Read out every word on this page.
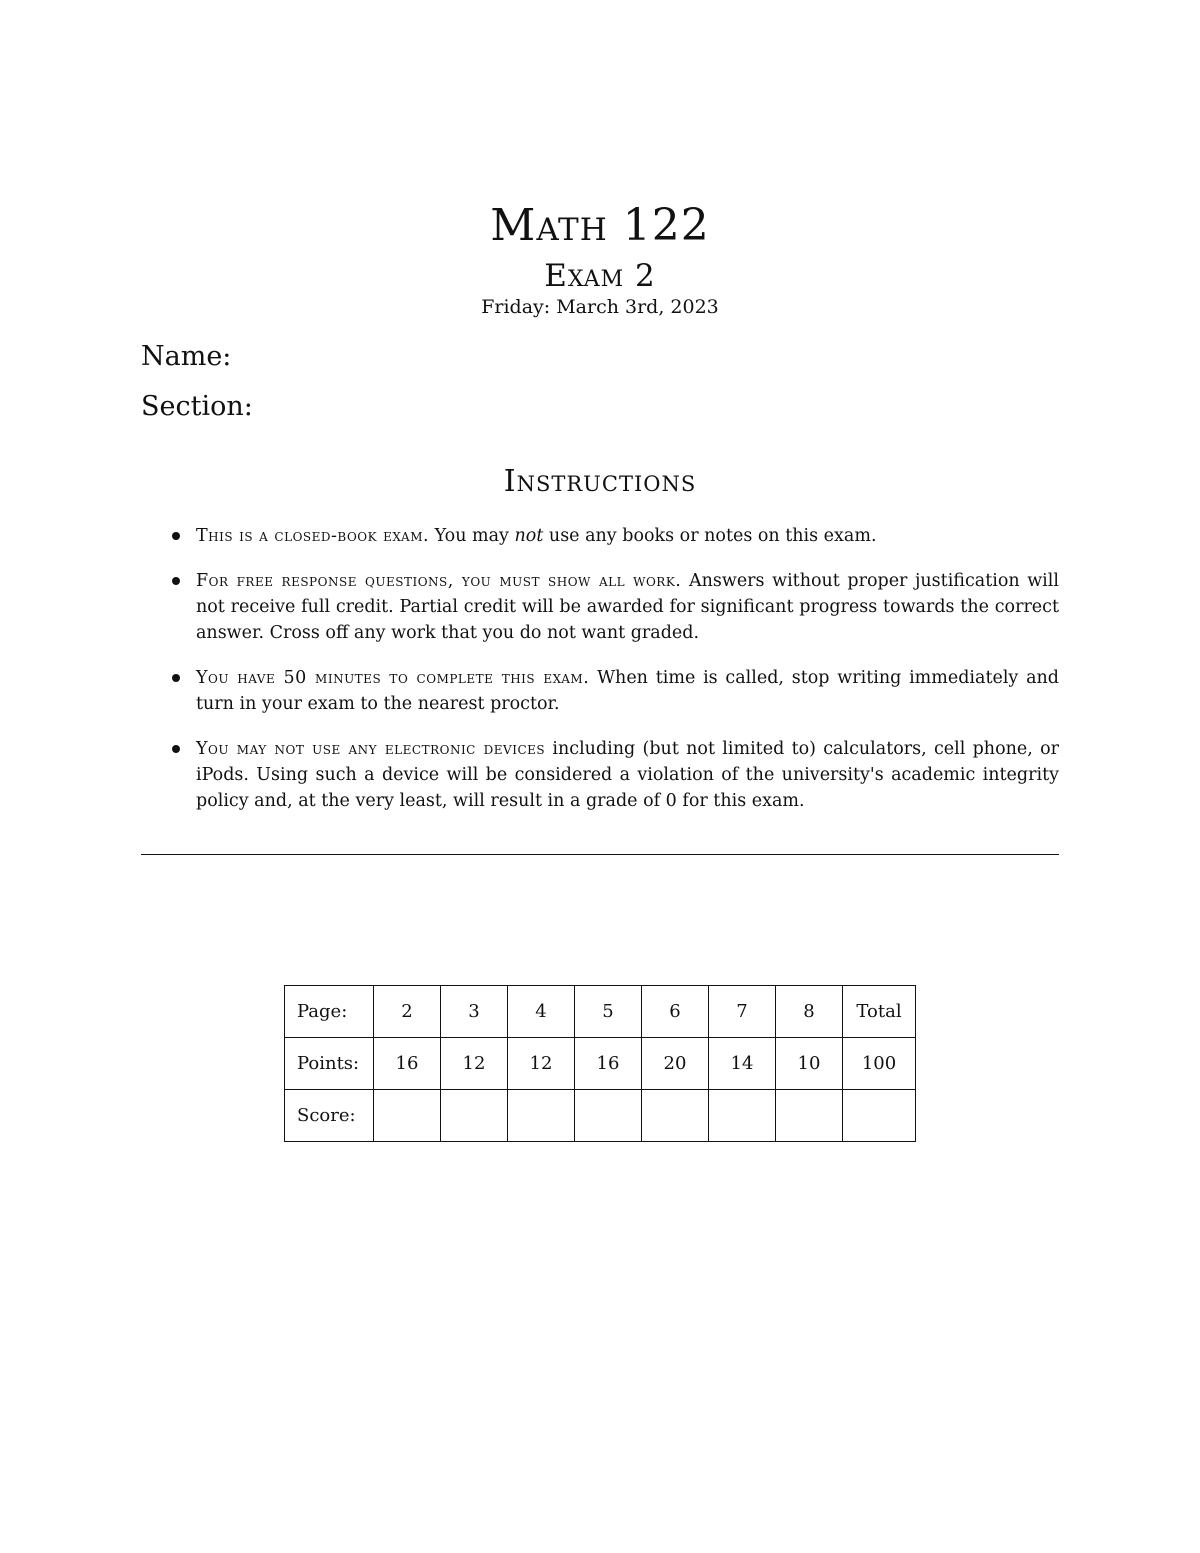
Math 122
Exam 2
Friday: March 3rd, 2023
Name:
Section:
Instructions
This is a closed-book exam. You may not use any books or notes on this exam.
For free response questions, you must show all work. Answers without proper justification will not receive full credit. Partial credit will be awarded for significant progress towards the correct answer. Cross off any work that you do not want graded.
You have 50 minutes to complete this exam. When time is called, stop writing immediately and turn in your exam to the nearest proctor.
You may not use any electronic devices including (but not limited to) calculators, cell phone, or iPods. Using such a device will be considered a violation of the university's academic integrity policy and, at the very least, will result in a grade of 0 for this exam.
Page:	2	3	4	5	6	7	8	Total
Points:	16	12	12	16	20	14	10	100
Score:								
